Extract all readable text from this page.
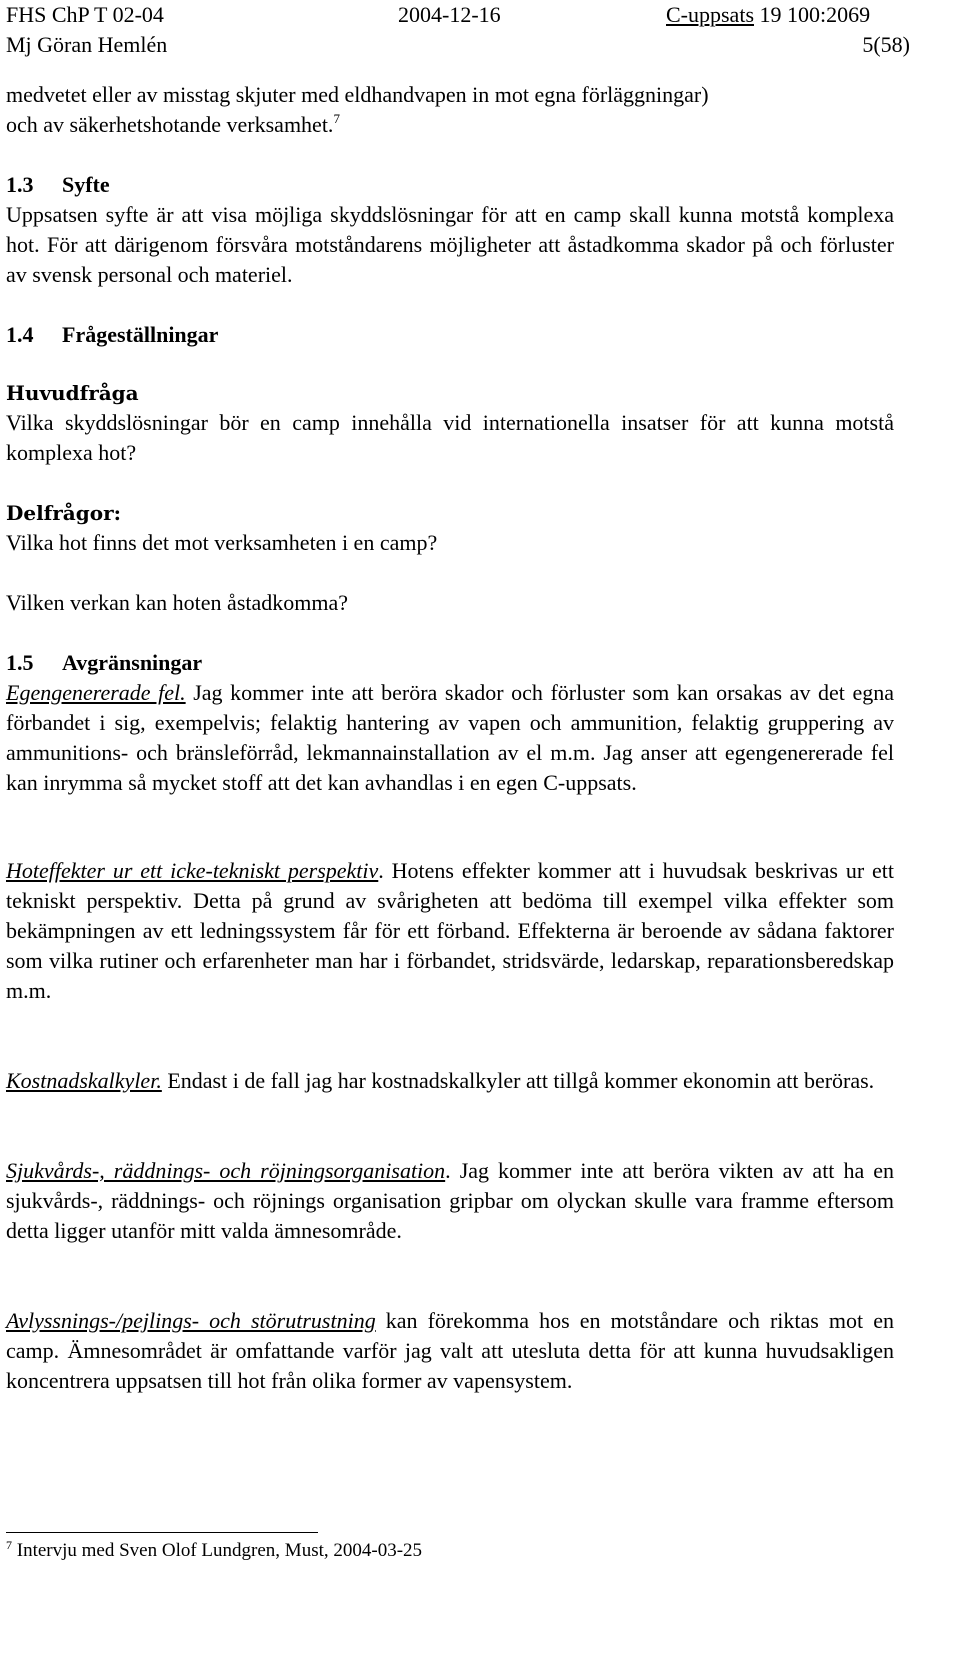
FHS ChP T 02-04	2004-12-16	C-uppsats 19 100:2069
Mj Göran Hemlén	5(58)

medvetet eller av misstag skjuter med eldhandvapen in mot egna förläggningar)
och av säkerhetshotande verksamhet.$^7$

1.3 Syfte

Uppsatsen syfte är att visa möjliga skyddslösningar för att en camp skall kunna motstå komplexa hot. För att därigenom försvåra motståndarens möjligheter att åstadkomma skador på och förluster av svensk personal och materiel.

1.4 Frågeställningar
Huvudfråga

Vilka skyddslösningar bör en camp innehålla vid internationella insatser för att kunna motstå komplexa hot?

Delfrågor:

Vilka hot finns det mot verksamheten i en camp?

Vilken verkan kan hoten åstadkomma?

1.5 Avgränsningar

Egengenererade fel. Jag kommer inte att beröra skador och förluster som kan orsakas av det egna förbandet i sig, exempelvis; felaktig hantering av vapen och ammunition, felaktig gruppering av ammunitions- och bränsleförråd, lekmannainstallation av el m.m. Jag anser att egengenererade fel kan inrymma så mycket stoff att det kan avhandlas i en egen C-uppsats.

Hoteffekter ur ett icke-tekniskt perspektiv. Hotens effekter kommer att i huvudsak beskrivas ur ett tekniskt perspektiv. Detta på grund av svårigheten att bedöma till exempel vilka effekter som bekämpningen av ett ledningssystem får för ett förband. Effekterna är beroende av sådana faktorer som vilka rutiner och erfarenheter man har i förbandet, stridsvärde, ledarskap, reparationsberedskap m.m.

Kostnadskalkyler. Endast i de fall jag har kostnadskalkyler att tillgå kommer ekonomin att beröras.

Sjukvårds-, räddnings- och röjningsorganisation. Jag kommer inte att beröra vikten av att ha en sjukvårds-, räddnings- och röjnings organisation gripbar om olyckan skulle vara framme eftersom detta ligger utanför mitt valda ämnesområde.

Avlyssnings-/pejlings- och störutrustning kan förekomma hos en motståndare och riktas mot en camp. Ämnesområdet är omfattande varför jag valt att utesluta detta för att kunna huvudsakligen koncentrera uppsatsen till hot från olika former av vapensystem.

$^7$ Intervju med Sven Olof Lundgren, Must, 2004-03-25
